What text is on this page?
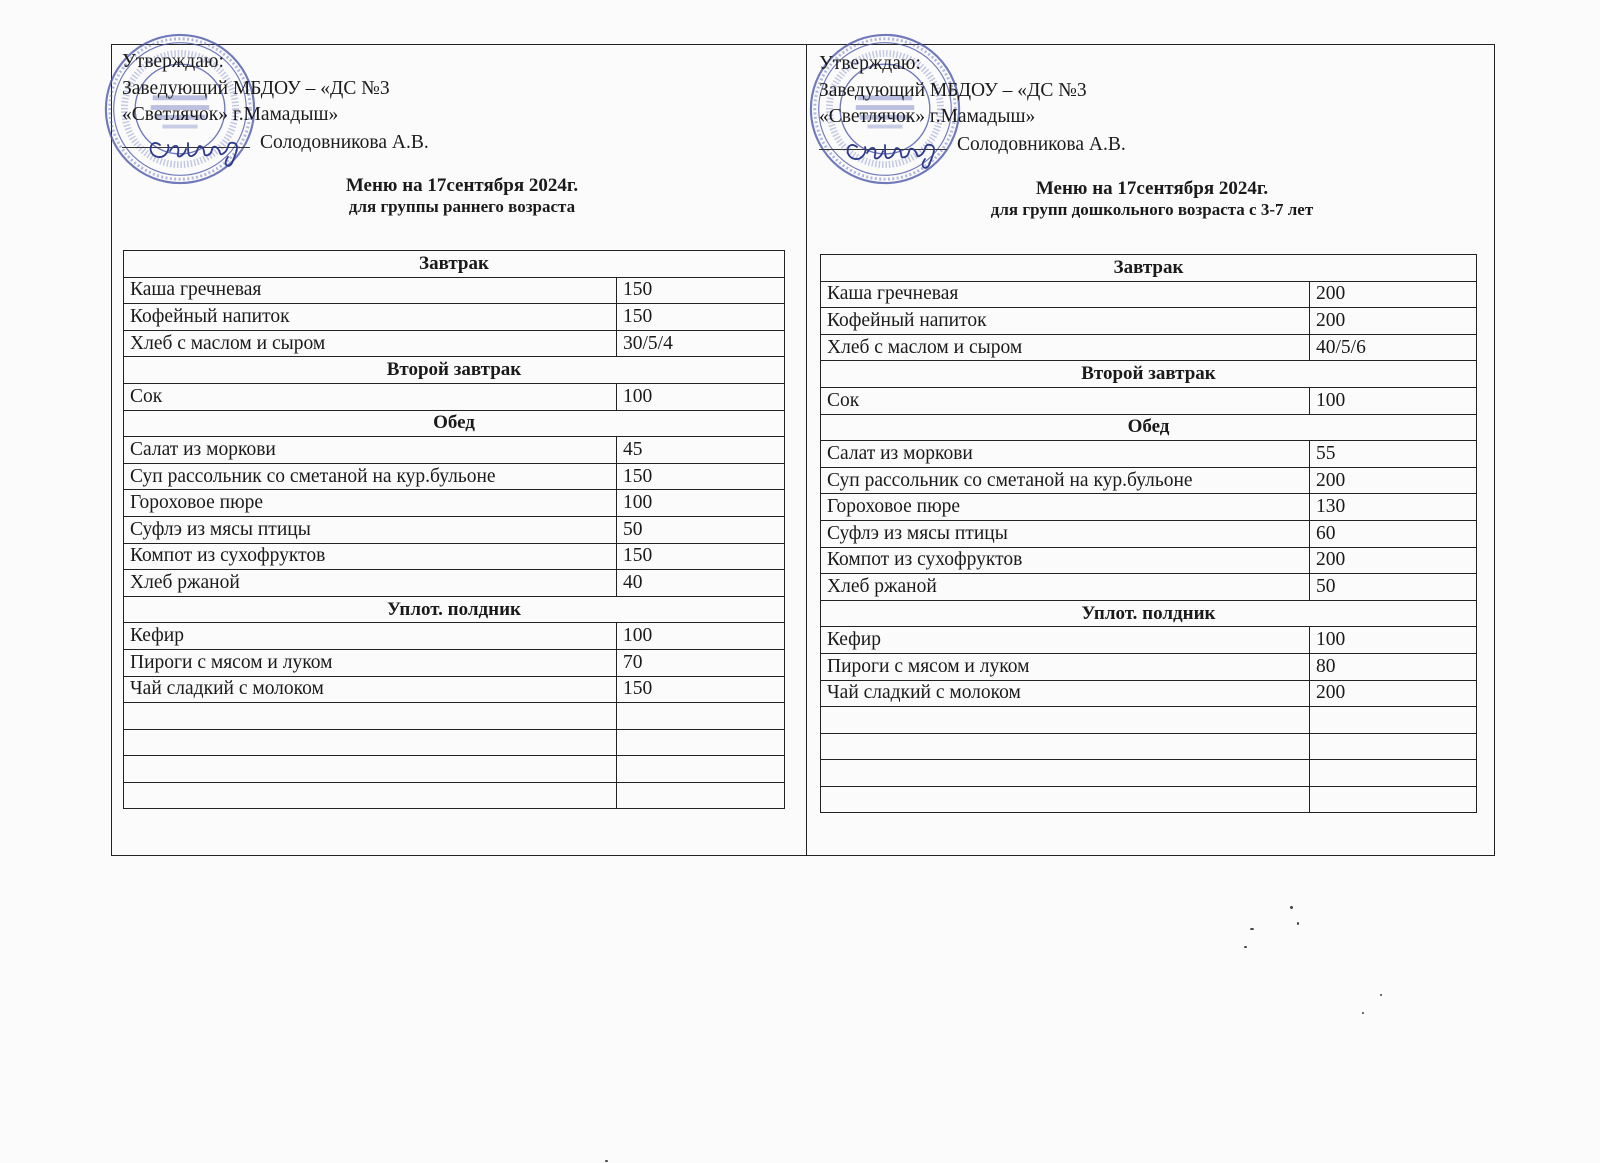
Утверждаю:
Заведующий МБДОУ – «ДС №3
«Светлячок» г.Мамадыш»
Солодовникова А.В.
Меню на 17сентября 2024г.
для группы раннего возраста
Завтрак	
Каша гречневая	150
Кофейный напиток	150
Хлеб с маслом и сыром	30/5/4
Второй завтрак	
Сок	100
Обед	
Салат из моркови	45
Суп рассольник со сметаной на кур.бульоне	150
Гороховое пюре	100
Суфлэ из мясы птицы	50
Компот из сухофруктов	150
Хлеб ржаной	40
Уплот. полдник	
Кефир	100
Пироги с мясом и луком	70
Чай сладкий с молоком	150

Утверждаю:
Заведующий МБДОУ – «ДС №3
«Светлячок» г.Мамадыш»
Солодовникова А.В.
Меню на 17сентября 2024г.
для групп дошкольного возраста с 3-7 лет
Завтрак	
Каша гречневая	200
Кофейный напиток	200
Хлеб с маслом и сыром	40/5/6
Второй завтрак	
Сок	100
Обед	
Салат из моркови	55
Суп рассольник со сметаной на кур.бульоне	200
Гороховое пюре	130
Суфлэ из мясы птицы	60
Компот из сухофруктов	200
Хлеб ржаной	50
Уплот. полдник	
Кефир	100
Пироги с мясом и луком	80
Чай сладкий с молоком	200
